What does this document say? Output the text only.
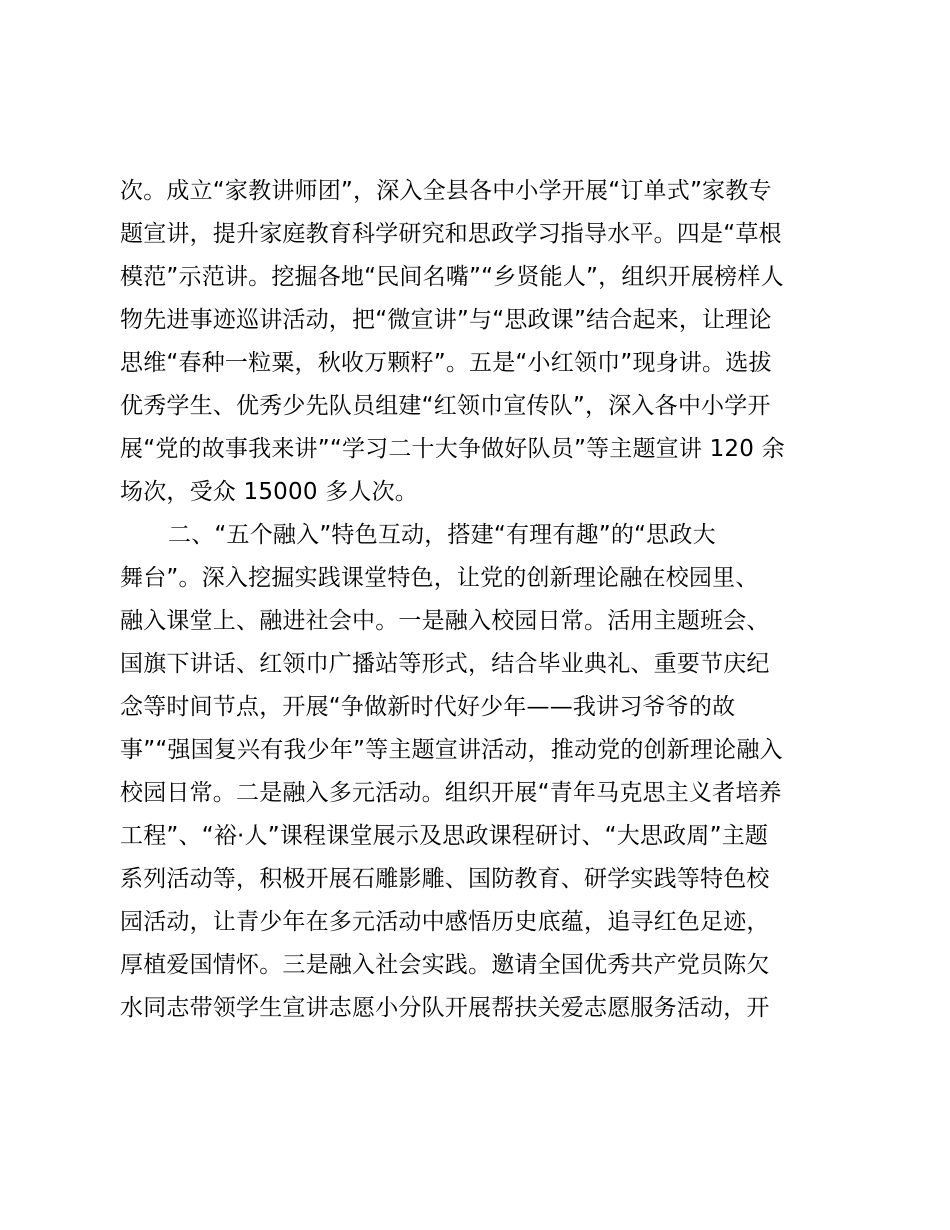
次。成立“家教讲师团”，深入全县各中小学开展“订单式”家教专
题宣讲，提升家庭教育科学研究和思政学习指导水平。四是“草根
模范”示范讲。挖掘各地“民间名嘴”“乡贤能人”，组织开展榜样人
物先进事迹巡讲活动，把“微宣讲”与“思政课”结合起来，让理论
思维“春种一粒粟，秋收万颗籽”。五是“小红领巾”现身讲。选拔
优秀学生、优秀少先队员组建“红领巾宣传队”，深入各中小学开
展“党的故事我来讲”“学习二十大争做好队员”等主题宣讲 120 余
场次，受众 15000 多人次。
二、“五个融入”特色互动，搭建“有理有趣”的“思政大
舞台”。深入挖掘实践课堂特色，让党的创新理论融在校园里、
融入课堂上、融进社会中。一是融入校园日常。活用主题班会、
国旗下讲话、红领巾广播站等形式，结合毕业典礼、重要节庆纪
念等时间节点，开展“争做新时代好少年——我讲习爷爷的故
事”“强国复兴有我少年”等主题宣讲活动，推动党的创新理论融入
校园日常。二是融入多元活动。组织开展“青年马克思主义者培养
工程”、“裕·人”课程课堂展示及思政课程研讨、“大思政周”主题
系列活动等，积极开展石雕影雕、国防教育、研学实践等特色校
园活动，让青少年在多元活动中感悟历史底蕴，追寻红色足迹，
厚植爱国情怀。三是融入社会实践。邀请全国优秀共产党员陈欠
水同志带领学生宣讲志愿小分队开展帮扶关爱志愿服务活动，开
